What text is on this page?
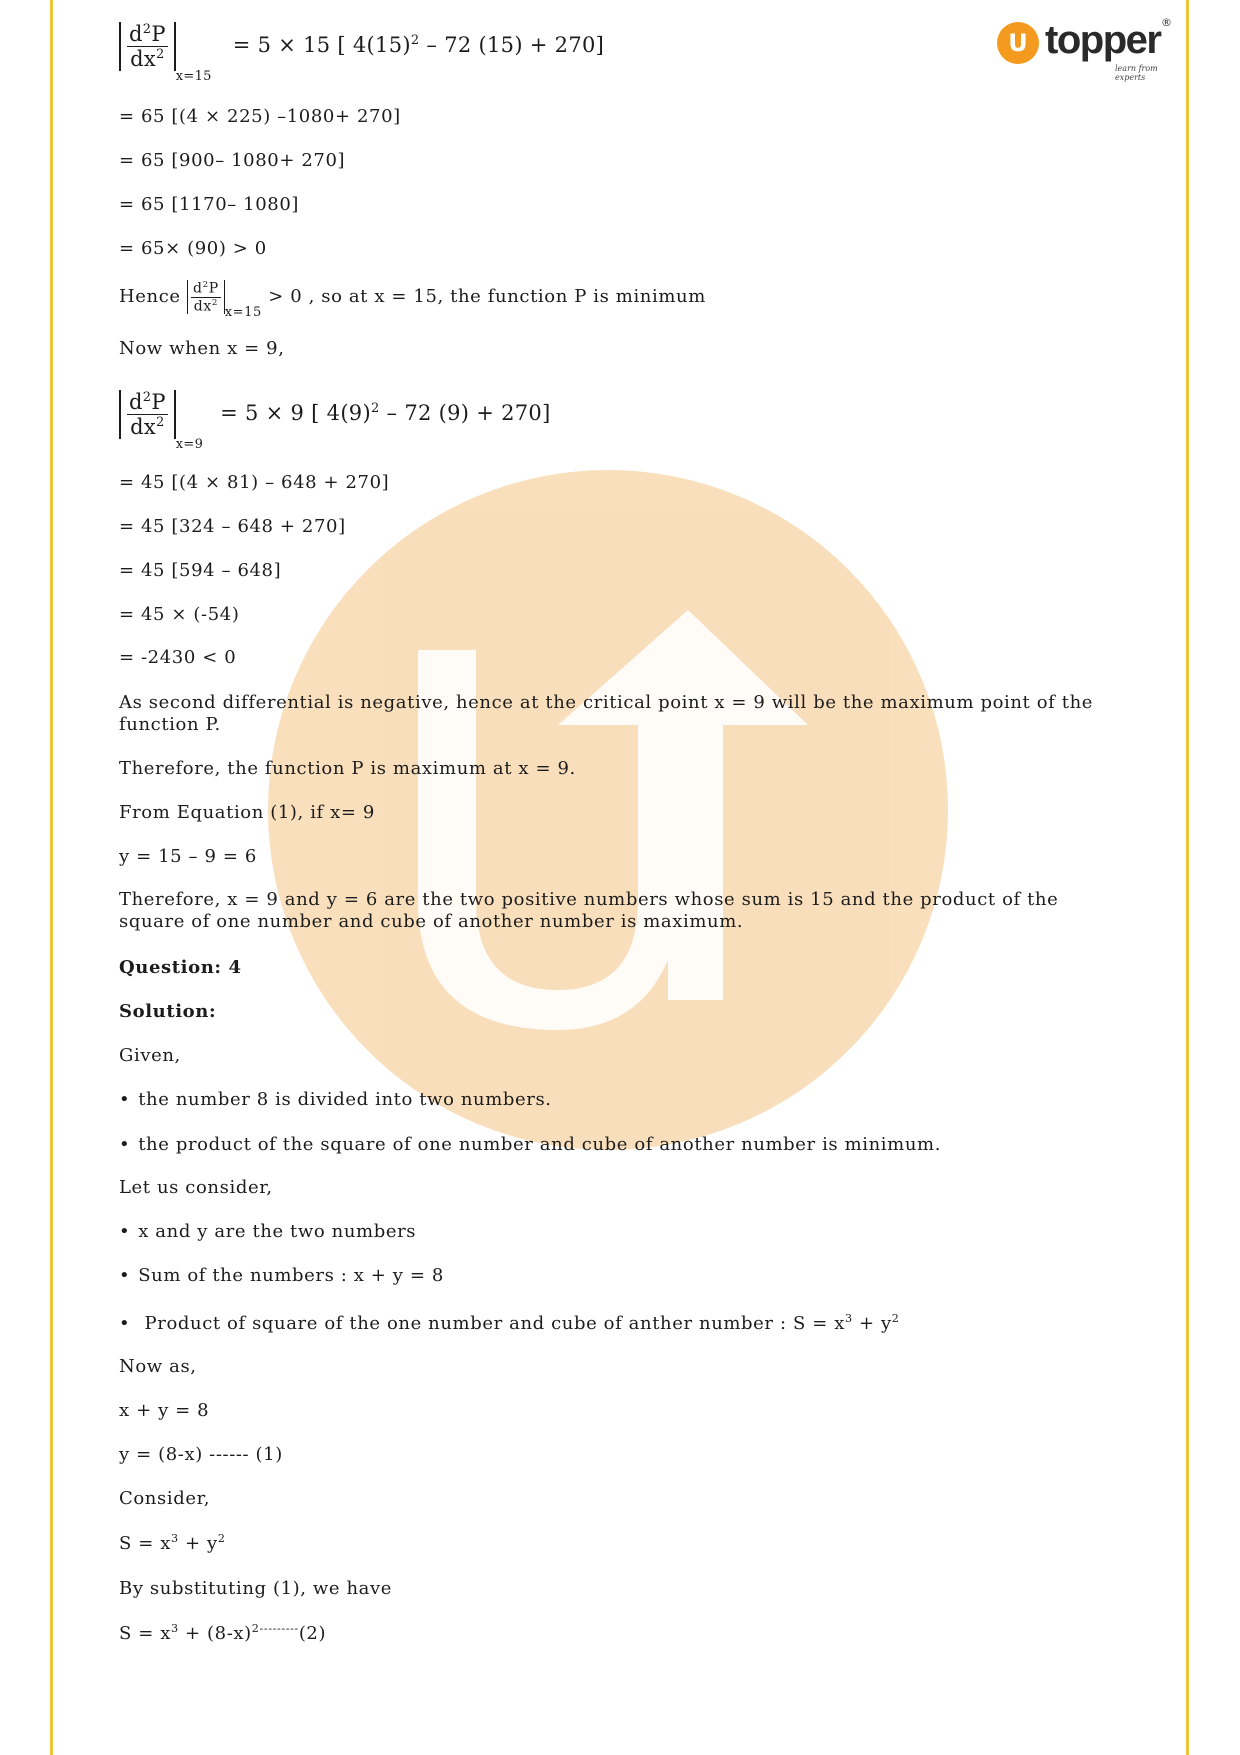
U topper ®
learn from experts
$\frac{d^2P}{dx^2}$
$_{x=15}$ = 5 × 15 [ $4(15)^2 - 72$ (15) + 270]
= 65 [(4 × 225) –1080+ 270]
= 65 [900– 1080+ 270]
= 65 [1170– 1080]
= 65× (90) > 0
Hence $\frac{d^2P}{dx^2} _{x=15} > 0$ , so at x = 15, the function P is minimum
Now when x = 9,
$\frac{d^2P}{dx^2}$
$_{x=9}$ = 5 × 9 [ $4(9)^2 - 72$ (9) + 270]
= 45 [(4 × 81) – 648 + 270]
= 45 [324 – 648 + 270]
= 45 [594 – 648]
= 45 × (-54)
= -2430 < 0
As second differential is negative, hence at the critical point x = 9 will be the maximum point of the function P.
Therefore, the function P is maximum at x = 9.
From Equation (1), if x= 9
y = 15 – 9 = 6
Therefore, x = 9 and y = 6 are the two positive numbers whose sum is 15 and the product of the square of one number and cube of another number is maximum.
Question: 4
Solution:
Given,
• the number 8 is divided into two numbers.
• the product of the square of one number and cube of another number is minimum.
Let us consider,
• x and y are the two numbers
• Sum of the numbers : x + y = 8
• Product of square of the one number and cube of anther number : $S = x^3 + y^2$
Now as,
x + y = 8
y = (8-x) ------ (1)
Consider,
$S = x^3 + y^2$
By substituting (1), we have
$S = x^3 + (8-x)^{2---------}(2)$
